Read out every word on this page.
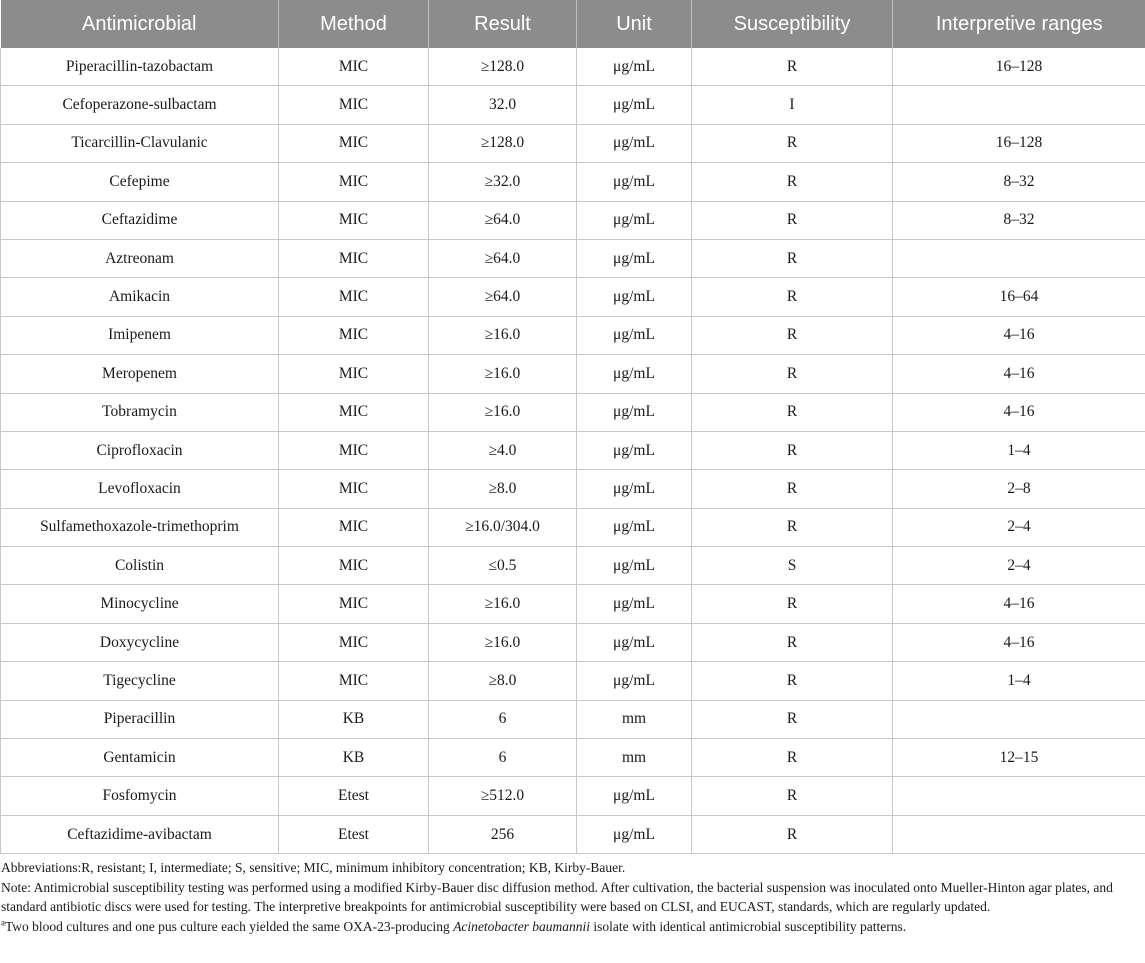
Antimicrobial	Method	Result	Unit	Susceptibility	Interpretive ranges
Piperacillin-tazobactam	MIC	≥128.0	μg/mL	R	16–128
Cefoperazone-sulbactam	MIC	32.0	μg/mL	I	
Ticarcillin-Clavulanic	MIC	≥128.0	μg/mL	R	16–128
Cefepime	MIC	≥32.0	μg/mL	R	8–32
Ceftazidime	MIC	≥64.0	μg/mL	R	8–32
Aztreonam	MIC	≥64.0	μg/mL	R	
Amikacin	MIC	≥64.0	μg/mL	R	16–64
Imipenem	MIC	≥16.0	μg/mL	R	4–16
Meropenem	MIC	≥16.0	μg/mL	R	4–16
Tobramycin	MIC	≥16.0	μg/mL	R	4–16
Ciprofloxacin	MIC	≥4.0	μg/mL	R	1–4
Levofloxacin	MIC	≥8.0	μg/mL	R	2–8
Sulfamethoxazole-trimethoprim	MIC	≥16.0/304.0	μg/mL	R	2–4
Colistin	MIC	≤0.5	μg/mL	S	2–4
Minocycline	MIC	≥16.0	μg/mL	R	4–16
Doxycycline	MIC	≥16.0	μg/mL	R	4–16
Tigecycline	MIC	≥8.0	μg/mL	R	1–4
Piperacillin	KB	6	mm	R	
Gentamicin	KB	6	mm	R	12–15
Fosfomycin	Etest	≥512.0	μg/mL	R	
Ceftazidime-avibactam	Etest	256	μg/mL	R	

Abbreviations:R, resistant; I, intermediate; S, sensitive; MIC, minimum inhibitory concentration; KB, Kirby-Bauer.

Note: Antimicrobial susceptibility testing was performed using a modified Kirby-Bauer disc diffusion method. After cultivation, the bacterial suspension was inoculated onto Mueller-Hinton agar plates, and standard antibiotic discs were used for testing. The interpretive breakpoints for antimicrobial susceptibility were based on CLSI, and EUCAST, standards, which are regularly updated.

$^a$Two blood cultures and one pus culture each yielded the same OXA-23-producing Acinetobacter baumannii isolate with identical antimicrobial susceptibility patterns.
